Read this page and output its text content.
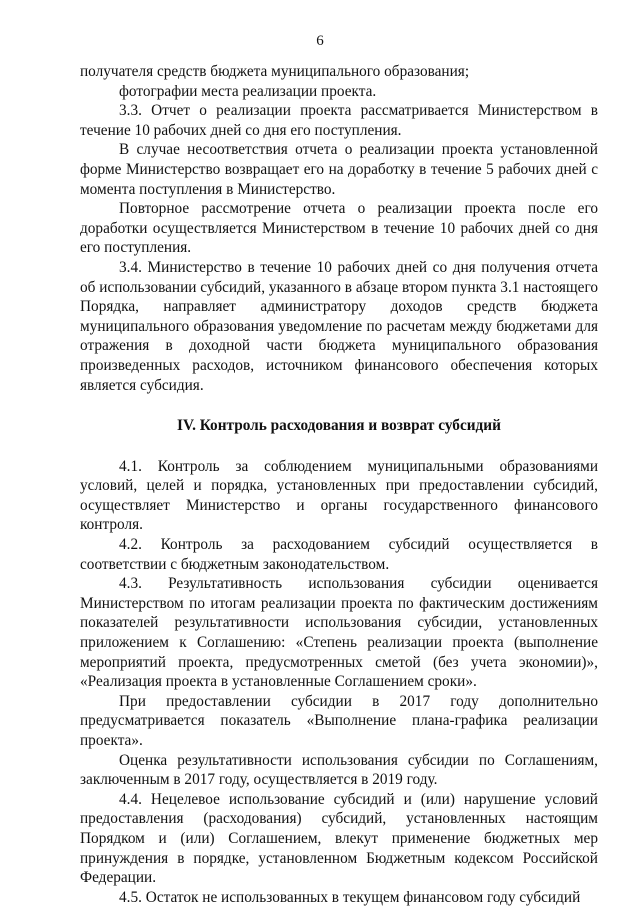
6

получателя средств бюджета муниципального образования;

фотографии места реализации проекта.

3.3. Отчет о реализации проекта рассматривается Министерством в течение 10 рабочих дней со дня его поступления.

В случае несоответствия отчета о реализации проекта установленной форме Министерство возвращает его на доработку в течение 5 рабочих дней с момента поступления в Министерство.

Повторное рассмотрение отчета о реализации проекта после его доработки осуществляется Министерством в течение 10 рабочих дней со дня его поступления.

3.4. Министерство в течение 10 рабочих дней со дня получения отчета об использовании субсидий, указанного в абзаце втором пункта 3.1 настоящего Порядка, направляет администратору доходов средств бюджета муниципального образования уведомление по расчетам между бюджетами для отражения в доходной части бюджета муниципального образования произведенных расходов, источником финансового обеспечения которых является субсидия.

IV. Контроль расходования и возврат субсидий

4.1. Контроль за соблюдением муниципальными образованиями условий, целей и порядка, установленных при предоставлении субсидий, осуществляет Министерство и органы государственного финансового контроля.

4.2. Контроль за расходованием субсидий осуществляется в соответствии с бюджетным законодательством.

4.3. Результативность использования субсидии оценивается Министерством по итогам реализации проекта по фактическим достижениям показателей результативности использования субсидии, установленных приложением к Соглашению: «Степень реализации проекта (выполнение мероприятий проекта, предусмотренных сметой (без учета экономии)», «Реализация проекта в установленные Соглашением сроки».

При предоставлении субсидии в 2017 году дополнительно предусматривается показатель «Выполнение плана-графика реализации проекта».

Оценка результативности использования субсидии по Соглашениям, заключенным в 2017 году, осуществляется в 2019 году.

4.4. Нецелевое использование субсидий и (или) нарушение условий предоставления (расходования) субсидий, установленных настоящим Порядком и (или) Соглашением, влекут применение бюджетных мер принуждения в порядке, установленном Бюджетным кодексом Российской Федерации.

4.5. Остаток не использованных в текущем финансовом году субсидий
